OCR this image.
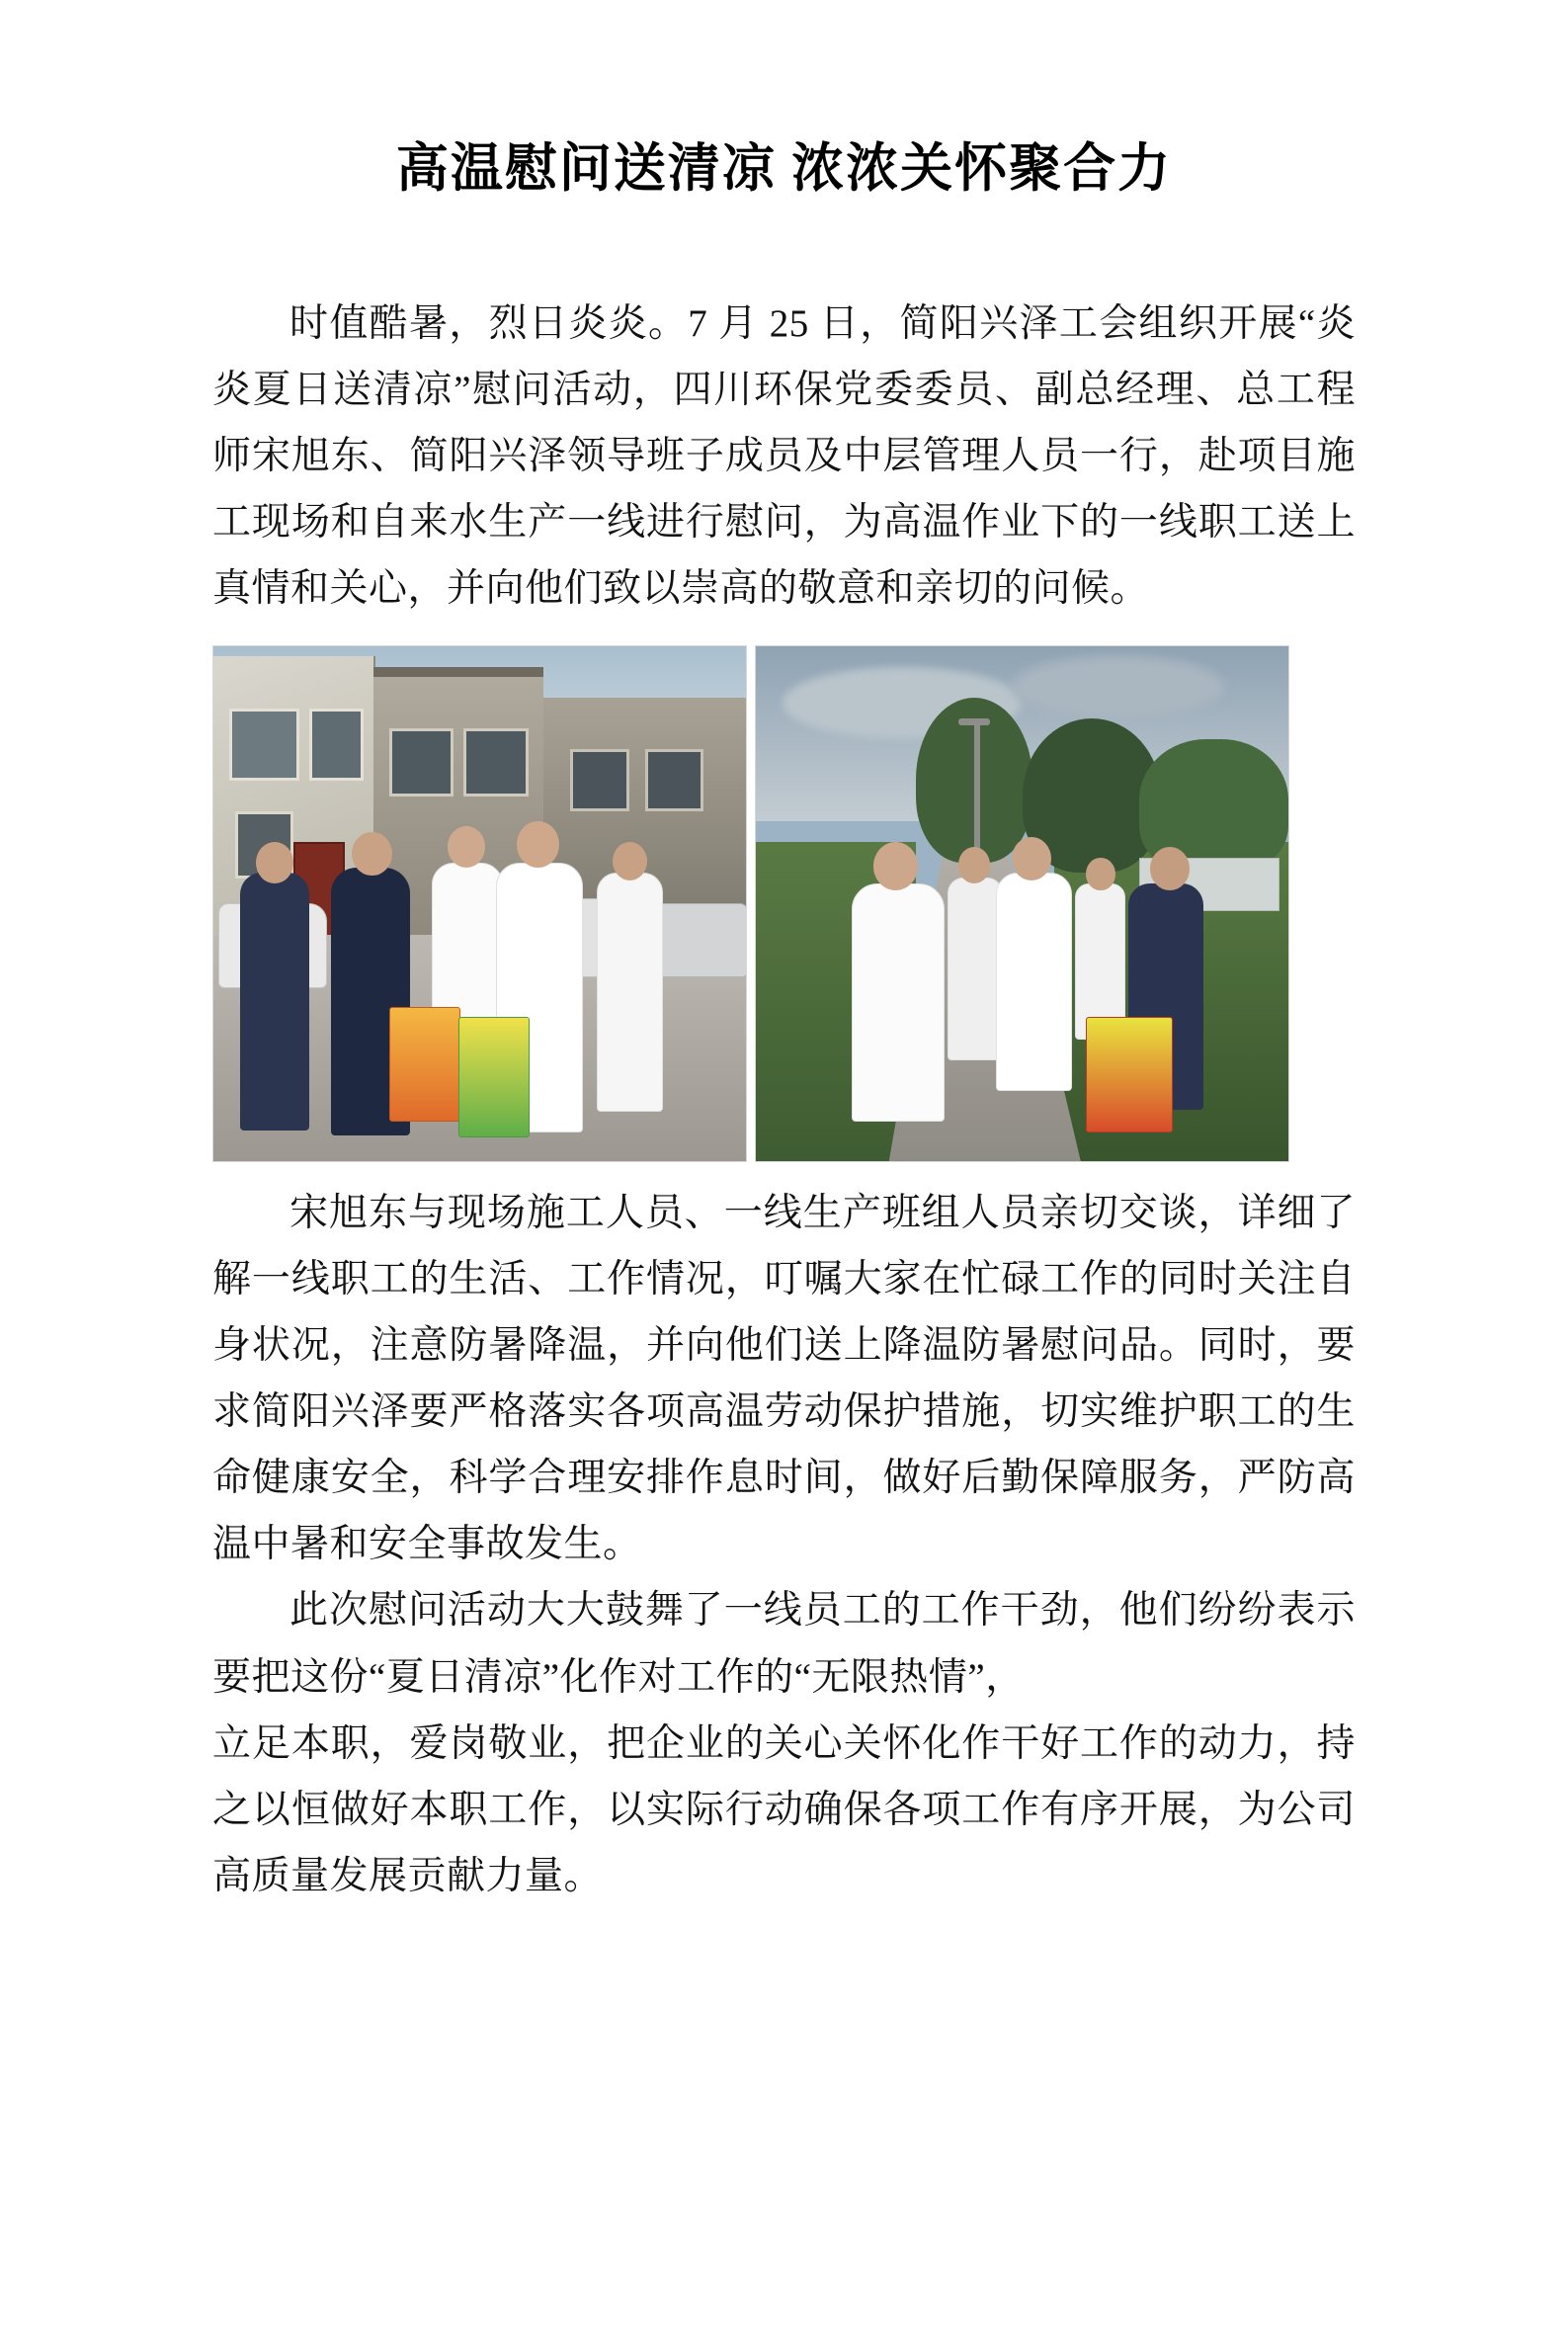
高温慰问送清凉 浓浓关怀聚合力

时值酷暑，烈日炎炎。7 月 25 日，简阳兴泽工会组织开展“炎炎夏日送清凉”慰问活动，四川环保党委委员、副总经理、总工程师宋旭东、简阳兴泽领导班子成员及中层管理人员一行，赴项目施工现场和自来水生产一线进行慰问，为高温作业下的一线职工送上真情和关心，并向他们致以崇高的敬意和亲切的问候。

宋旭东与现场施工人员、一线生产班组人员亲切交谈，详细了解一线职工的生活、工作情况，叮嘱大家在忙碌工作的同时关注自身状况，注意防暑降温，并向他们送上降温防暑慰问品。同时，要求简阳兴泽要严格落实各项高温劳动保护措施，切实维护职工的生命健康安全，科学合理安排作息时间，做好后勤保障服务，严防高温中暑和安全事故发生。

此次慰问活动大大鼓舞了一线员工的工作干劲，他们纷纷表示要把这份“夏日清凉”化作对工作的“无限热情”，

立足本职，爱岗敬业，把企业的关心关怀化作干好工作的动力，持之以恒做好本职工作，以实际行动确保各项工作有序开展，为公司高质量发展贡献力量。
